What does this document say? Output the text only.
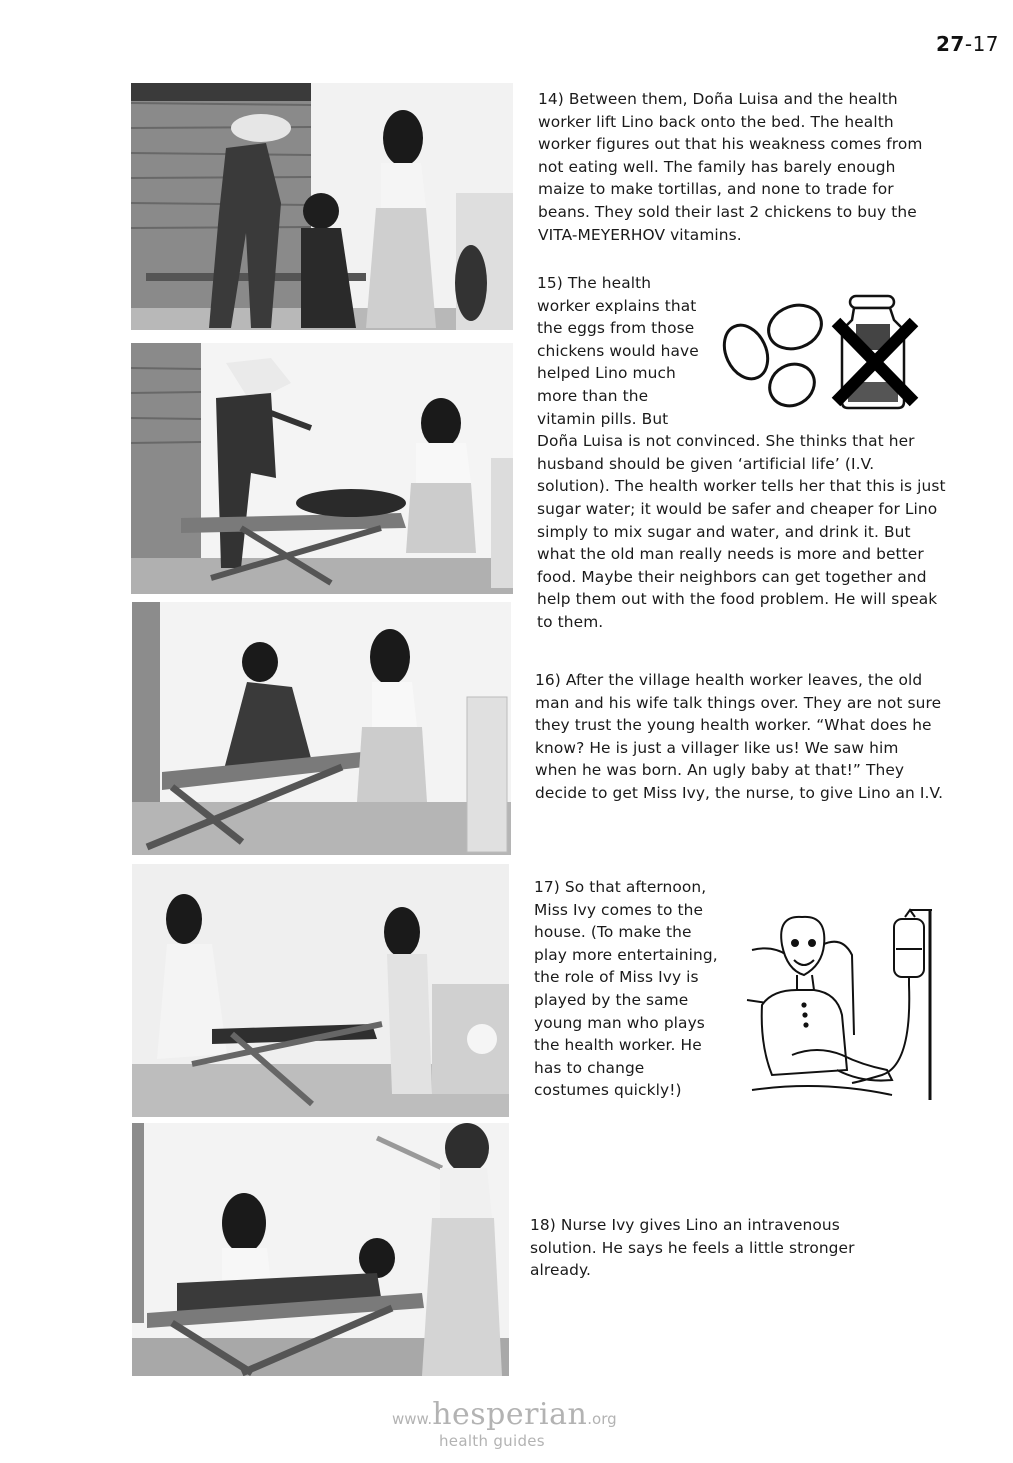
27-17

14) Between them, Doña Luisa and the health worker lift Lino back onto the bed. The health worker figures out that his weakness comes from not eating well. The family has barely enough maize to make tortillas, and none to trade for beans. They sold their last 2 chickens to buy the VITA-MEYERHOV vitamins.

15) The health

worker explains that

the eggs from those

chickens would have

helped Lino much

more than the

vitamin pills. But

Doña Luisa is not convinced. She thinks that her husband should be given ‘artificial life’ (I.V. solution). The health worker tells her that this is just sugar water; it would be safer and cheaper for Lino simply to mix sugar and water, and drink it. But what the old man really needs is more and better food. Maybe their neighbors can get together and help them out with the food problem. He will speak to them.

16) After the village health worker leaves, the old man and his wife talk things over. They are not sure they trust the young health worker. “What does he know? He is just a villager like us! We saw him when he was born. An ugly baby at that!” They decide to get Miss Ivy, the nurse, to give Lino an I.V.

17) So that afternoon,

Miss Ivy comes to the

house. (To make the

play more entertaining,

the role of Miss Ivy is

played by the same

young man who plays

the health worker. He

has to change

costumes quickly!)

18) Nurse Ivy gives Lino an intravenous solution. He says he feels a little stronger already.

www.hesperian.org
health guides
